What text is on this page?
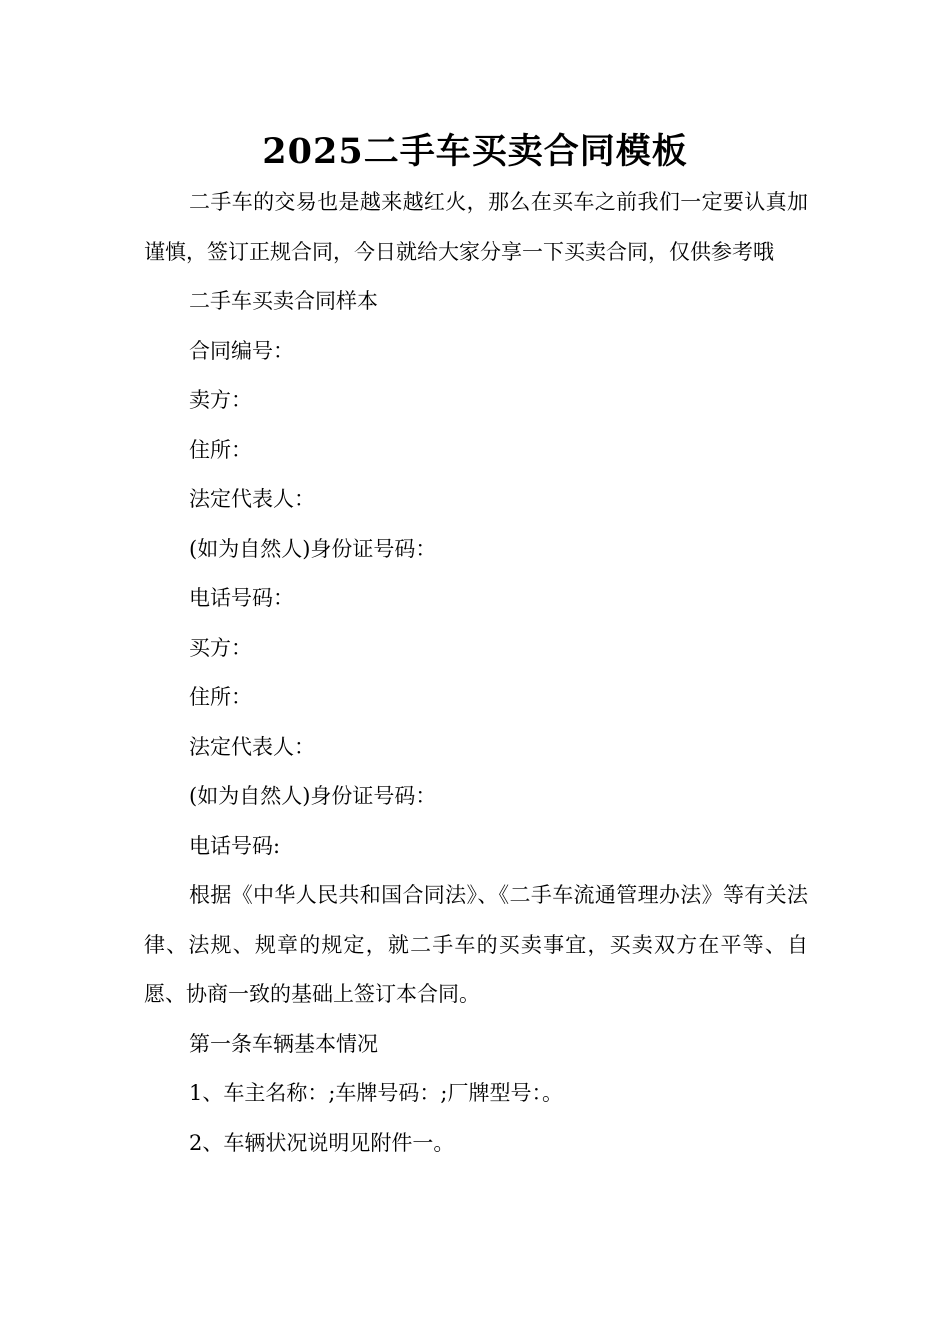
2025二手车买卖合同模板

二手车的交易也是越来越红火，那么在买车之前我们一定要认真加谨慎，签订正规合同，今日就给大家分享一下买卖合同，仅供参考哦

二手车买卖合同样本

合同编号：

卖方：

住所：

法定代表人：

(如为自然人)身份证号码：

电话号码：

买方：

住所：

法定代表人：

(如为自然人)身份证号码：

电话号码:

根据《中华人民共和国合同法》、《二手车流通管理办法》等有关法律、法规、规章的规定，就二手车的买卖事宜，买卖双方在平等、自愿、协商一致的基础上签订本合同。

第一条车辆基本情况

1、车主名称：;车牌号码：;厂牌型号：。

2、车辆状况说明见附件一。
